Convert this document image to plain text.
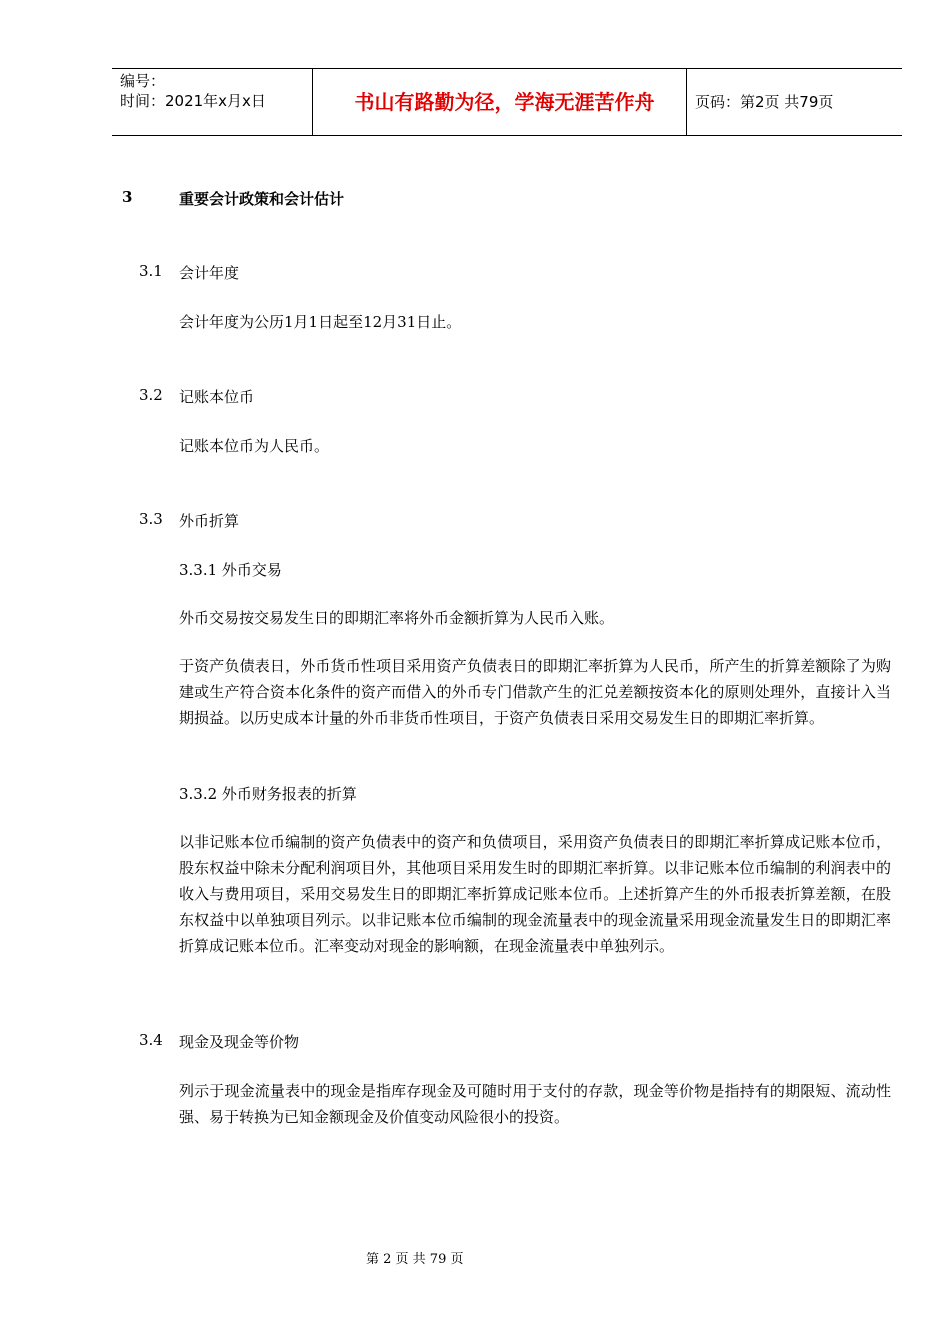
编号：
时间：2021年x月x日	书山有路勤为径，学海无涯苦作舟	页码：第2页 共79页
3	重要会计政策和会计估计
3.1 会计年度
会计年度为公历1月1日起至12月31日止。
3.2 记账本位币
记账本位币为人民币。
3.3 外币折算
3.3.1 外币交易
外币交易按交易发生日的即期汇率将外币金额折算为人民币入账。
于资产负债表日，外币货币性项目采用资产负债表日的即期汇率折算为人民币，所产生的折算差额除了为购建或生产符合资本化条件的资产而借入的外币专门借款产生的汇兑差额按资本化的原则处理外，直接计入当期损益。以历史成本计量的外币非货币性项目，于资产负债表日采用交易发生日的即期汇率折算。
3.3.2 外币财务报表的折算
以非记账本位币编制的资产负债表中的资产和负债项目，采用资产负债表日的即期汇率折算成记账本位币，股东权益中除未分配利润项目外，其他项目采用发生时的即期汇率折算。以非记账本位币编制的利润表中的收入与费用项目，采用交易发生日的即期汇率折算成记账本位币。上述折算产生的外币报表折算差额，在股东权益中以单独项目列示。以非记账本位币编制的现金流量表中的现金流量采用现金流量发生日的即期汇率折算成记账本位币。汇率变动对现金的影响额，在现金流量表中单独列示。
3.4 现金及现金等价物
列示于现金流量表中的现金是指库存现金及可随时用于支付的存款，现金等价物是指持有的期限短、流动性强、易于转换为已知金额现金及价值变动风险很小的投资。
第 2 页 共 79 页
